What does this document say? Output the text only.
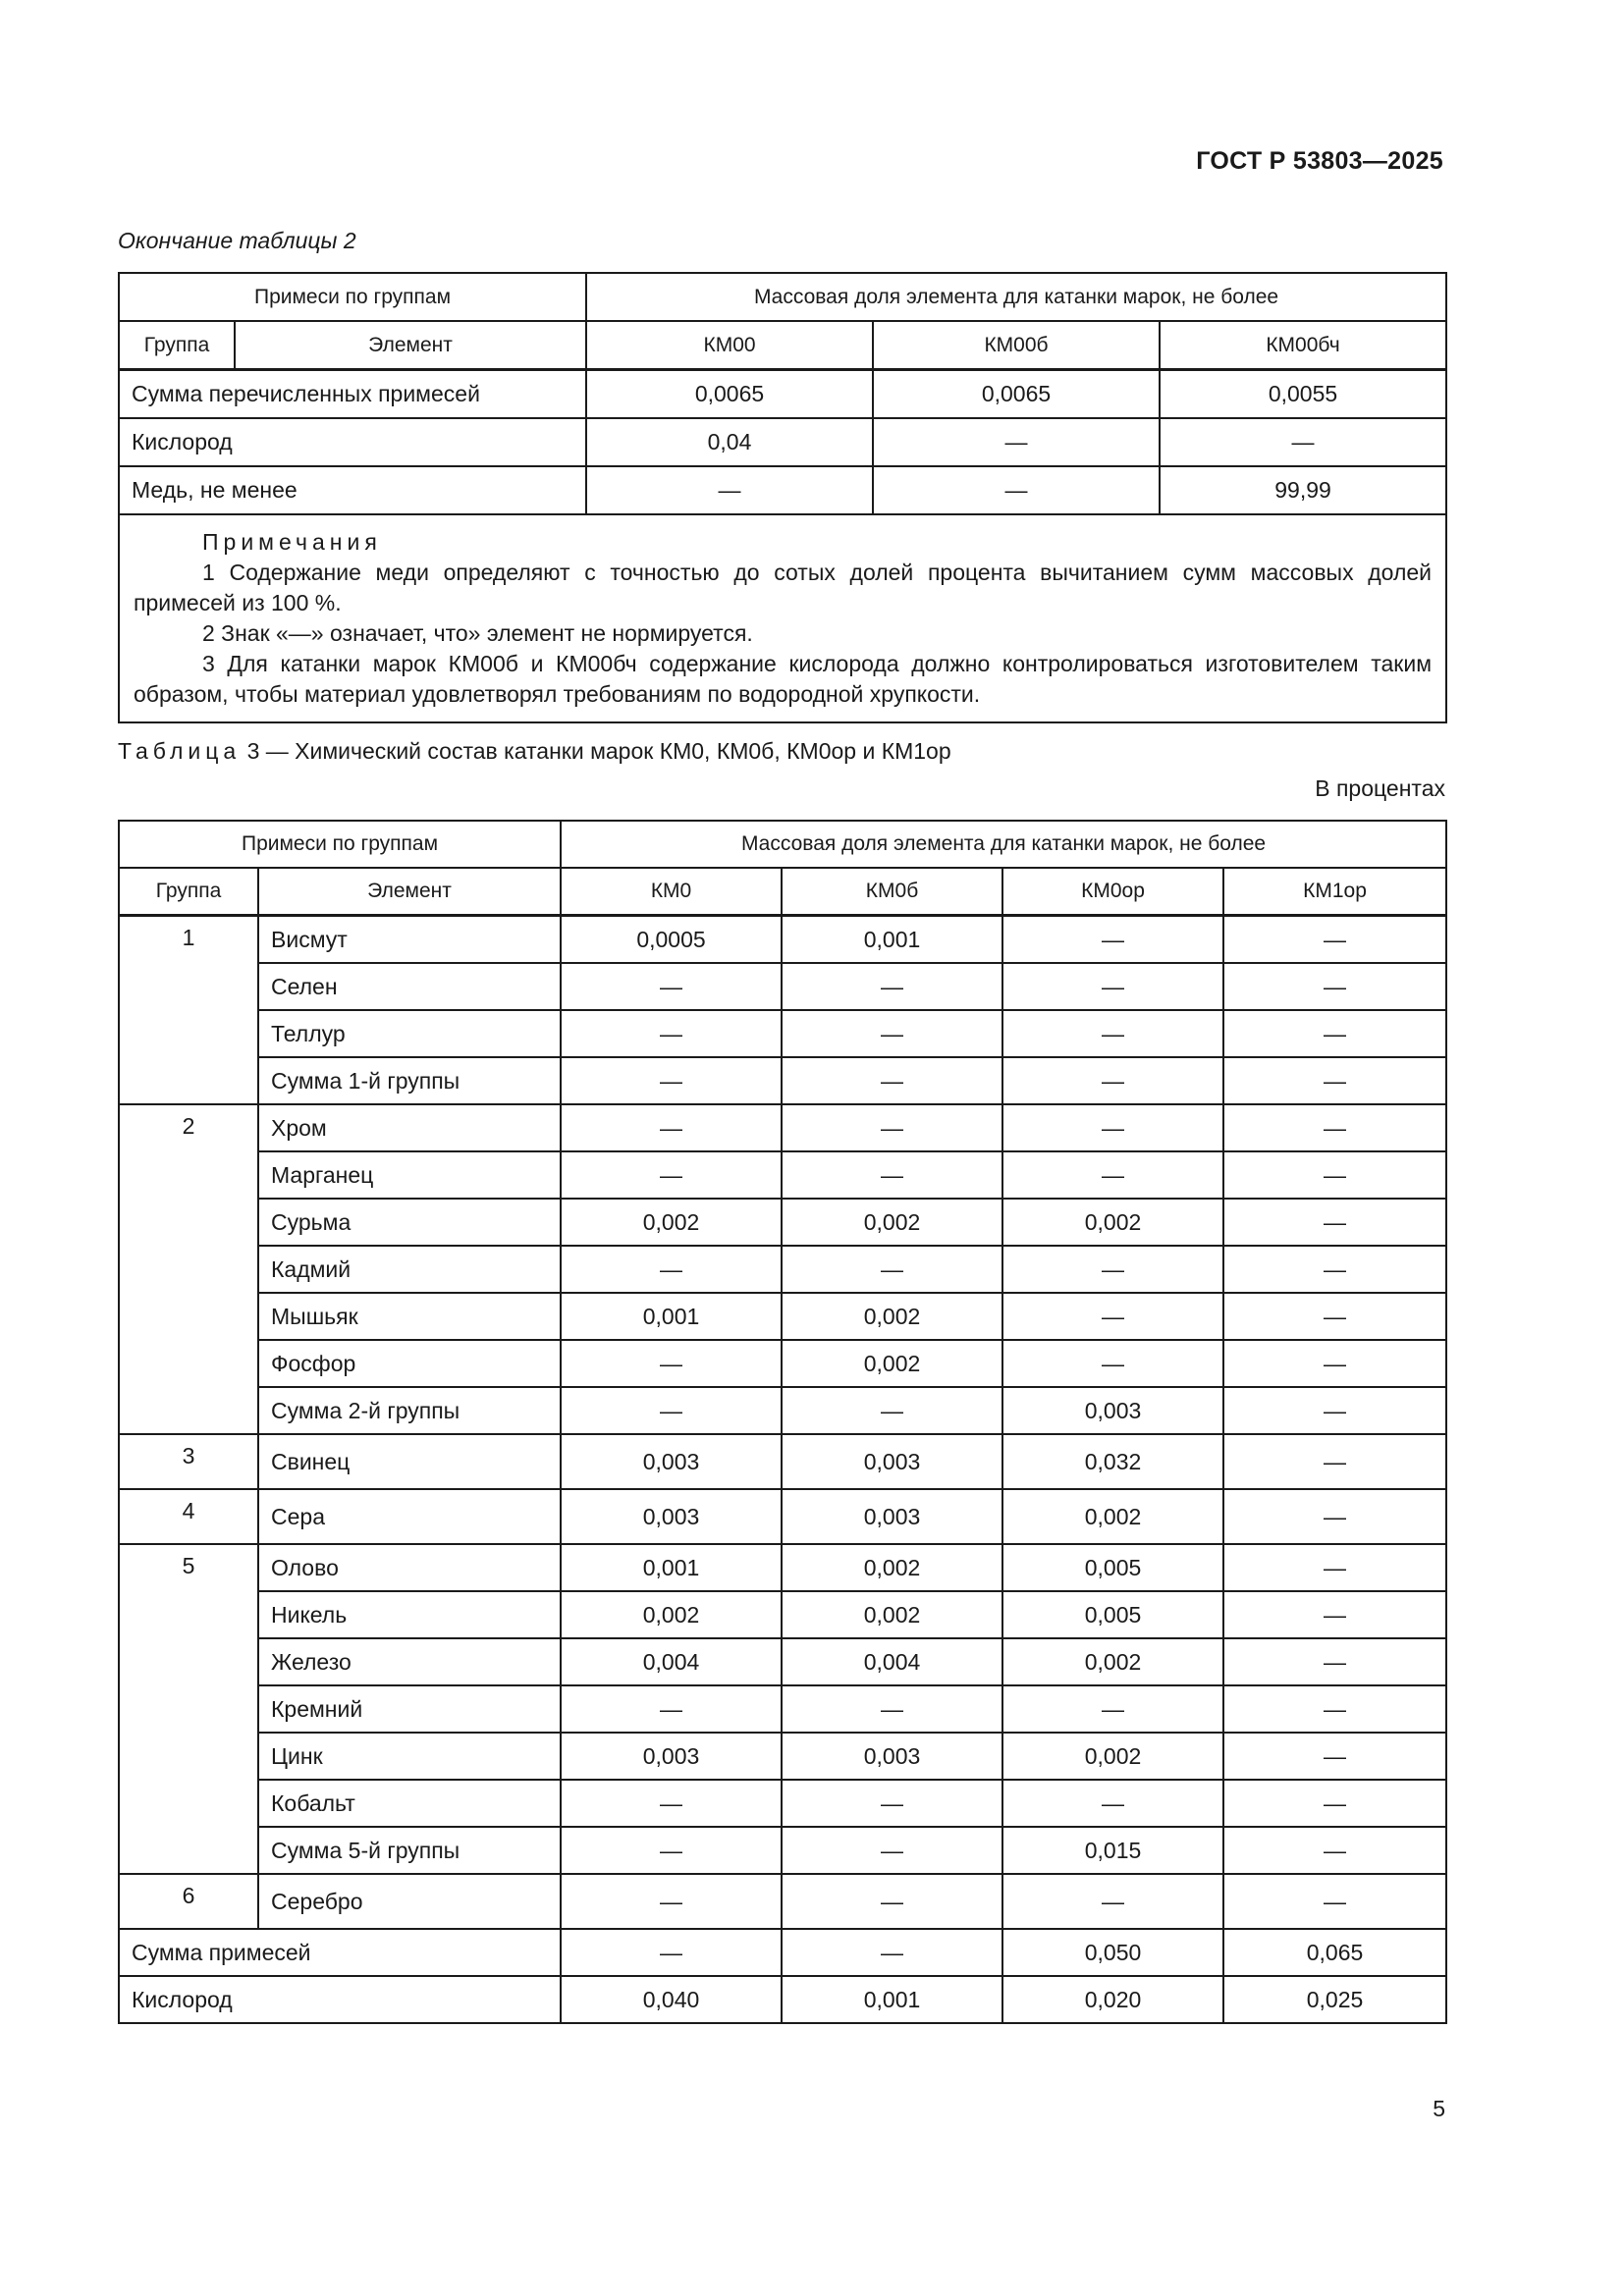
ГОСТ Р 53803—2025
Окончание таблицы 2
Примеси по группам		Массовая доля элемента для катанки марок, не более		
Группа	Элемент	КМ00	КМ00б	КМ00бч
Сумма перечисленных примесей		0,0065	0,0065	0,0055
Кислород		0,04	—	—
Медь, не менее		—	—	99,99

Примечания

1 Содержание меди определяют с точностью до сотых долей процента вычитанием сумм массовых долей примесей из 100 %.

2 Знак «—» означает, что» элемент не нормируется.

3 Для катанки марок КМ00б и КМ00бч содержание кислорода должно контролироваться изготовителем таким образом, чтобы материал удовлетворял требованиям по водородной хрупкости.				

Таблица 3 — Химический состав катанки марок КМ0, КМ0б, КМ0ор и КМ1ор
В процентах
Примеси по группам		Массовая доля элемента для катанки марок, не более			
Группа	Элемент	КМ0	КМ0б	КМ0ор	КМ1ор
1	Висмут	0,0005	0,001	—	—
	Селен	—	—	—	—
	Теллур	—	—	—	—
	Сумма 1-й группы	—	—	—	—
2	Хром	—	—	—	—
	Марганец	—	—	—	—
	Сурьма	0,002	0,002	0,002	—
	Кадмий	—	—	—	—
	Мышьяк	0,001	0,002	—	—
	Фосфор	—	0,002	—	—
	Сумма 2-й группы	—	—	0,003	—
3	Свинец	0,003	0,003	0,032	—
4	Сера	0,003	0,003	0,002	—
5	Олово	0,001	0,002	0,005	—
	Никель	0,002	0,002	0,005	—
	Железо	0,004	0,004	0,002	—
	Кремний	—	—	—	—
	Цинк	0,003	0,003	0,002	—
	Кобальт	—	—	—	—
	Сумма 5-й группы	—	—	0,015	—
6	Серебро	—	—	—	—
Сумма примесей		—	—	0,050	0,065
Кислород		0,040	0,001	0,020	0,025
5
